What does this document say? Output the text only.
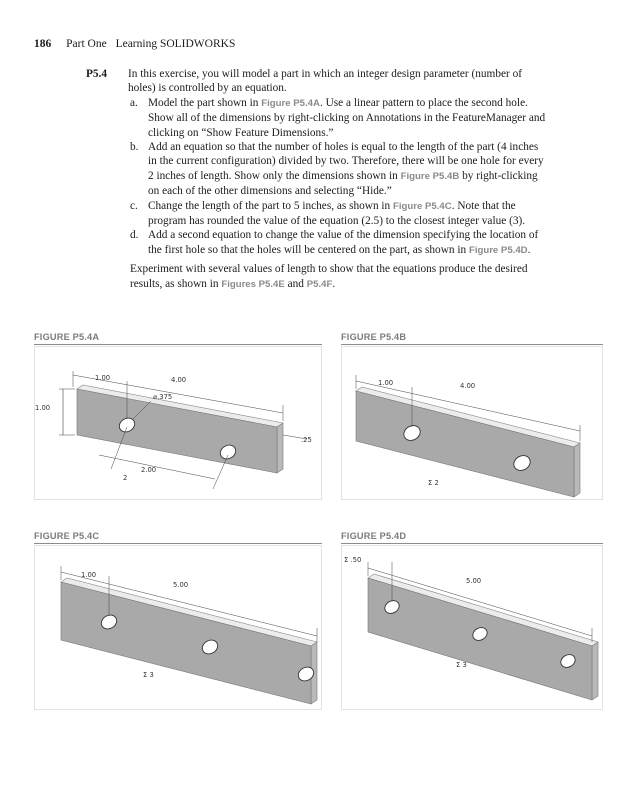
186 Part One Learning SOLIDWORKS
P5.4 In this exercise, you will model a part in which an integer design parameter (number of holes) is controlled by an equation.
a. Model the part shown in Figure P5.4A. Use a linear pattern to place the second hole. Show all of the dimensions by right-clicking on Annotations in the FeatureManager and clicking on “Show Feature Dimensions.”
b. Add an equation so that the number of holes is equal to the length of the part (4 inches in the current configuration) divided by two. Therefore, there will be one hole for every 2 inches of length. Show only the dimensions shown in Figure P5.4B by right-clicking on each of the other dimensions and selecting “Hide.”
c. Change the length of the part to 5 inches, as shown in Figure P5.4C. Note that the program has rounded the value of the equation (2.5) to the closest integer value (3).
d. Add a second equation to change the value of the dimension specifying the location of the first hole so that the holes will be centered on the part, as shown in Figure P5.4D.
Experiment with several values of length to show that the equations produce the desired results, as shown in Figures P5.4E and P5.4F.
FIGURE P5.4A
1.00	4.00
⌀.375
1.00
.25
2.00
2
FIGURE P5.4B
1.00	4.00
Σ 2
FIGURE P5.4C
1.00
5.00
Σ 3
FIGURE P5.4D
Σ .50
5.00
Σ 3
